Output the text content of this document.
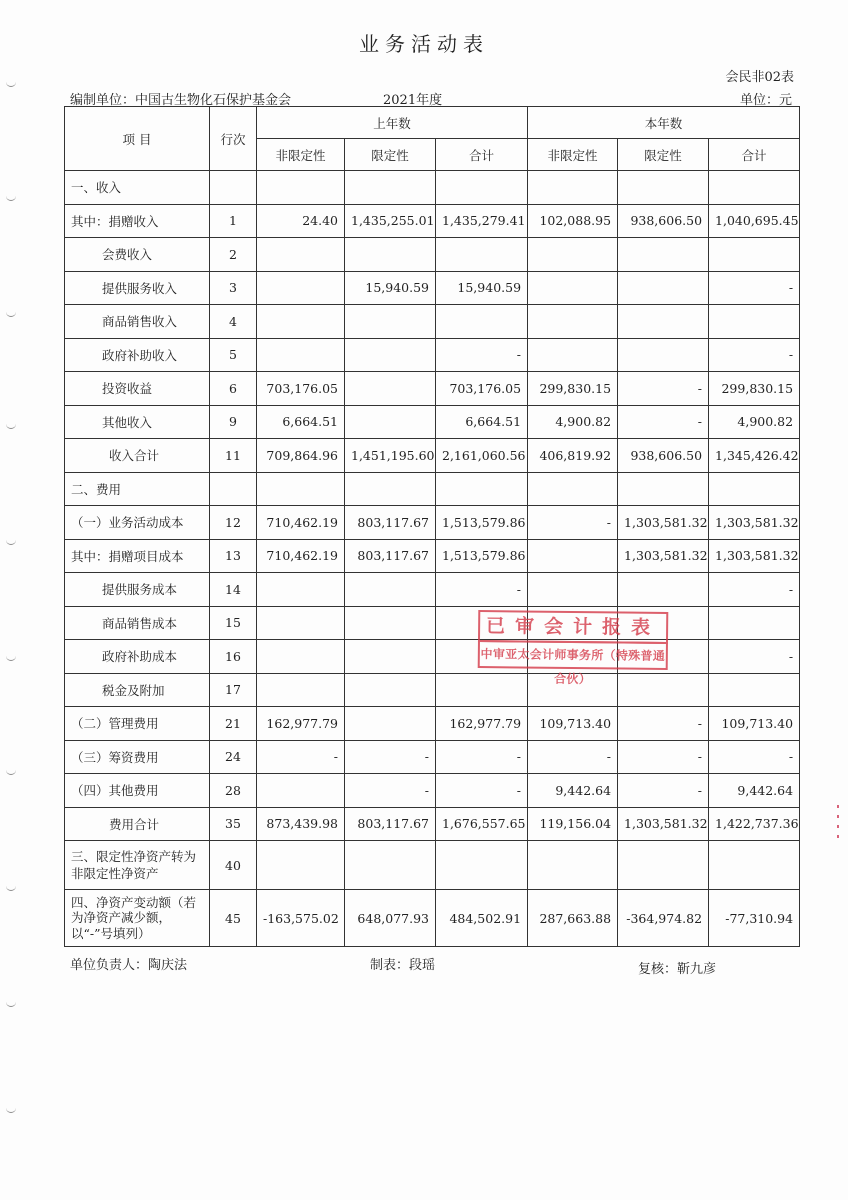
业务活动表
会民非02表
编制单位：中国古生物化石保护基金会	2021年度	单位：元
项 目	行次	上年数			本年数		
		非限定性	限定性	合计	非限定性	限定性	合计
一、收入							
其中：捐赠收入	1	24.40	1,435,255.01	1,435,279.41	102,088.95	938,606.50	1,040,695.45
会费收入	2						
提供服务收入	3		15,940.59	15,940.59			-
商品销售收入	4						
政府补助收入	5			-			-
投资收益	6	703,176.05		703,176.05	299,830.15	-	299,830.15
其他收入	9	6,664.51		6,664.51	4,900.82	-	4,900.82
收入合计	11	709,864.96	1,451,195.60	2,161,060.56	406,819.92	938,606.50	1,345,426.42
二、费用							
（一）业务活动成本	12	710,462.19	803,117.67	1,513,579.86	-	1,303,581.32	1,303,581.32
其中：捐赠项目成本	13	710,462.19	803,117.67	1,513,579.86		1,303,581.32	1,303,581.32
提供服务成本	14			-			-
商品销售成本	15						
政府补助成本	16						-
税金及附加	17						
（二）管理费用	21	162,977.79		162,977.79	109,713.40	-	109,713.40
（三）筹资费用	24	-	-	-	-	-	-
（四）其他费用	28		-	-	9,442.64	-	9,442.64
费用合计	35	873,439.98	803,117.67	1,676,557.65	119,156.04	1,303,581.32	1,422,737.36
三、限定性净资产转为非限定性净资产	40						
四、净资产变动额（若为净资产减少额，以“-”号填列）	45	-163,575.02	648,077.93	484,502.91	287,663.88	-364,974.82	-77,310.94
单位负责人：陶庆法	制表：段瑶	复核：靳九彦
已审会计报表
中审亚太会计师事务所（特殊普通合伙）
